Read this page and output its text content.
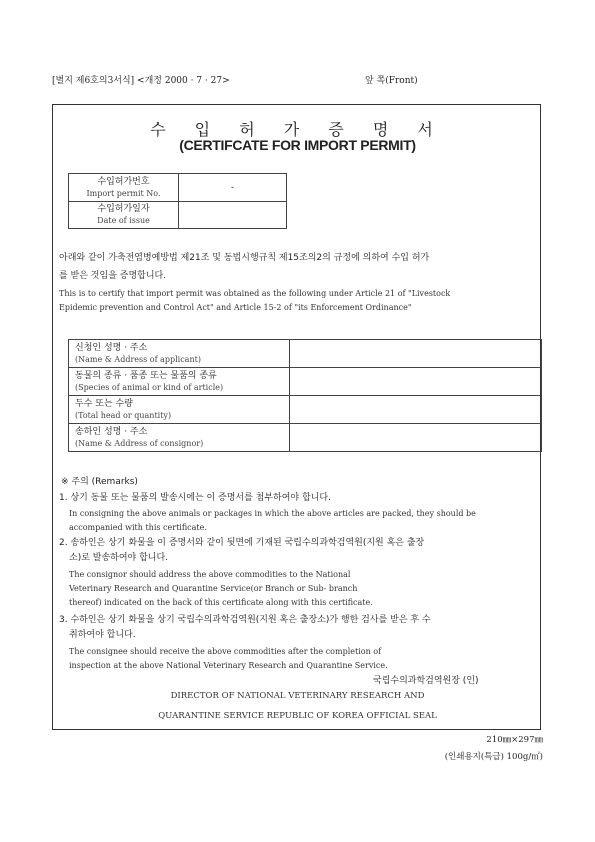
[별지 제6호의3서식] <개정 2000 · 7 · 27>	앞 쪽(Front)
수 입 허 가 증 명 서
(CERTIFCATE FOR IMPORT PERMIT)
수입허가번호
Import permit No.	-

수입허가일자
Date of issue	

아래와 같이 가축전염병예방법 제21조 및 동법시행규칙 제15조의2의 규정에 의하여 수입 허가
를 받은 것임을 증명합니다.
This is to certify that import permit was obtained as the following under Article 21 of "Livestock
Epidemic prevention and Control Act" and Article 15-2 of "its Enforcement Ordinance"
신청인 성명 · 주소
(Name & Address of applicant)	

동물의 종류 · 품종 또는 물품의 종류
(Species of animal or kind of article)	

두수 또는 수량
(Total head or quantity)	

송하인 성명 · 주소
(Name & Address of consignor)	

※ 주의 (Remarks)
1. 상기 동물 또는 물품의 발송시에는 이 증명서를 첨부하여야 합니다.
In consigning the above animals or packages in which the above articles are packed, they should be
accompanied with this certificate.
2. 송하인은 상기 화물을 이 증명서와 같이 뒷면에 기재된 국립수의과학검역원(지원 혹은 출장
소)로 발송하여야 합니다.
The consignor should address the above commodities to the National
Veterinary Research and Quarantine Service(or Branch or Sub- branch
thereof) indicated on the back of this certificate along with this certificate.
3. 수하인은 상기 화물을 상기 국립수의과학검역원(지원 혹은 출장소)가 행한 검사를 받은 후 수
취하여야 합니다.
The consignee should receive the above commodities after the completion of
inspection at the above National Veterinary Research and Quarantine Service.
국립수의과학검역원장 (인)
DIRECTOR OF NATIONAL VETERINARY RESEARCH AND
QUARANTINE SERVICE REPUBLIC OF KOREA OFFICIAL SEAL
210㎜×297㎜
(인쇄용지(특급) 100g/㎡)
